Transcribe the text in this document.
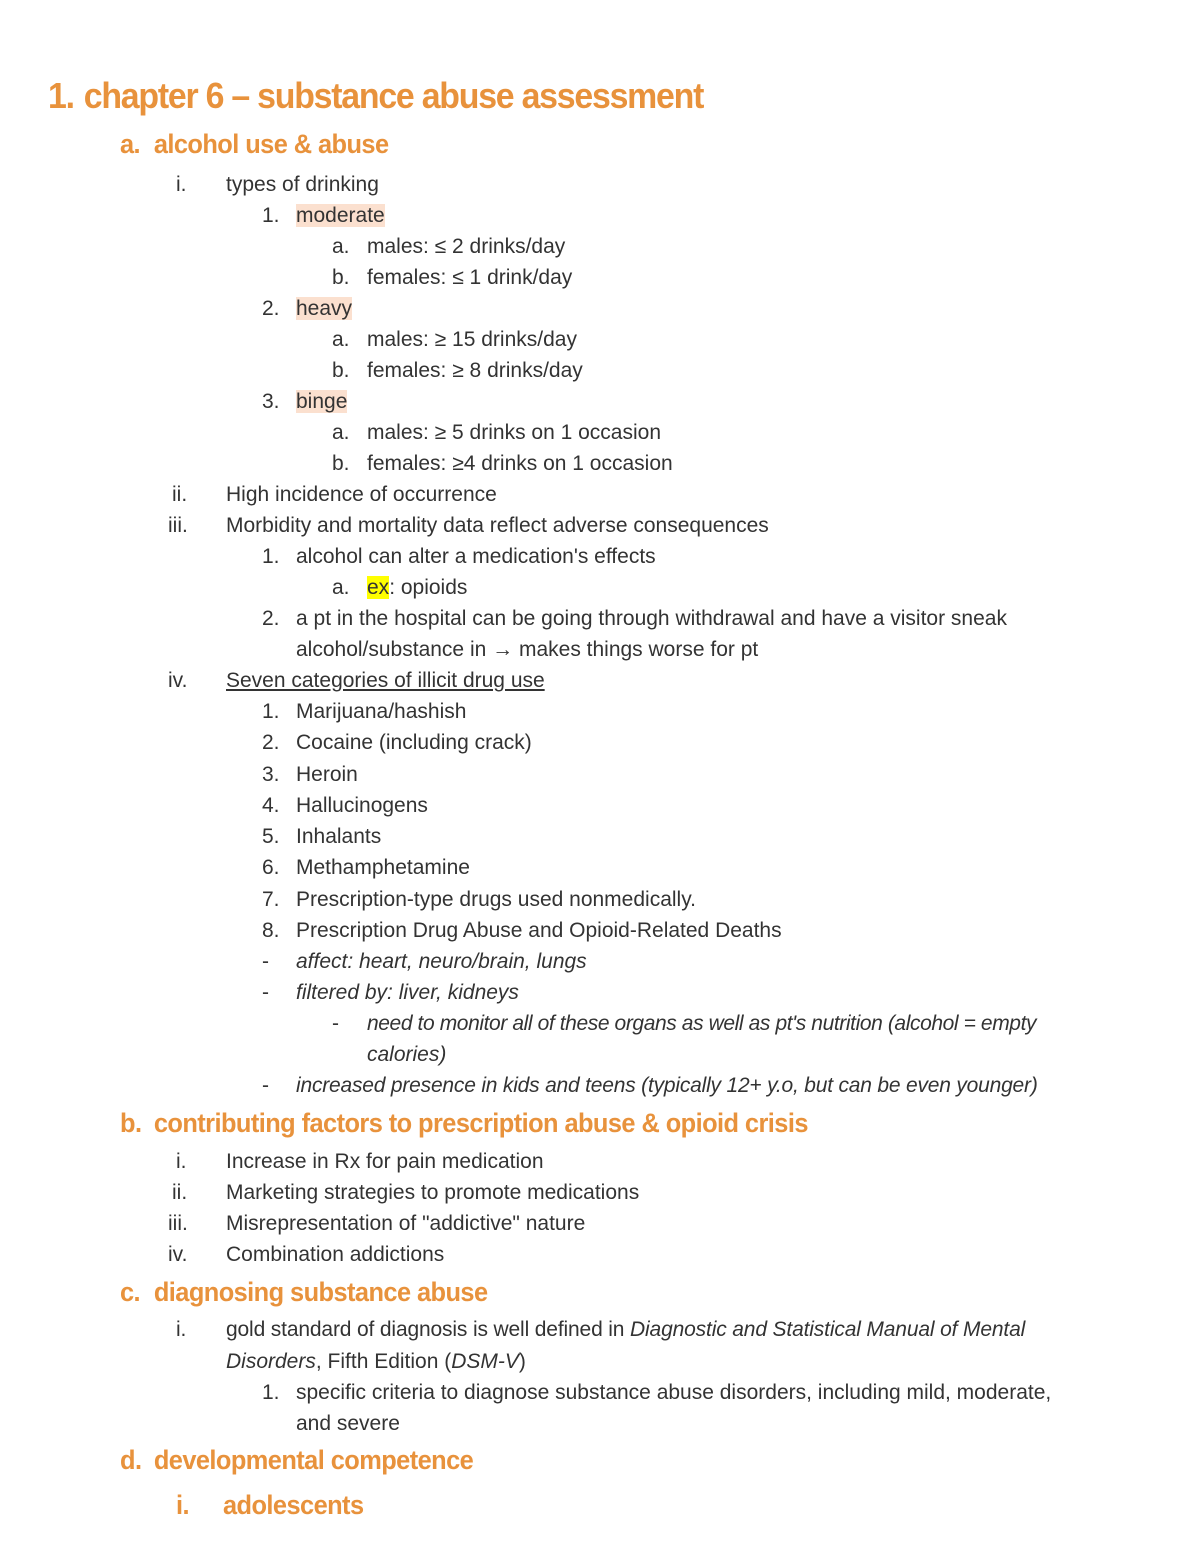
1. chapter 6 – substance abuse assessment
a. alcohol use & abuse
i. types of drinking
1. moderate
a. males: ≤ 2 drinks/day
b. females: ≤ 1 drink/day
2. heavy
a. males: ≥ 15 drinks/day
b. females: ≥ 8 drinks/day
3. binge
a. males: ≥ 5 drinks on 1 occasion
b. females: ≥4 drinks on 1 occasion
ii. High incidence of occurrence
iii. Morbidity and mortality data reflect adverse consequences
1. alcohol can alter a medication's effects
a. ex: opioids
2. a pt in the hospital can be going through withdrawal and have a visitor sneak
alcohol/substance in → makes things worse for pt
iv. Seven categories of illicit drug use
1. Marijuana/hashish
2. Cocaine (including crack)
3. Heroin
4. Hallucinogens
5. Inhalants
6. Methamphetamine
7. Prescription-type drugs used nonmedically.
8. Prescription Drug Abuse and Opioid-Related Deaths
- affect: heart, neuro/brain, lungs
- filtered by: liver, kidneys
- need to monitor all of these organs as well as pt's nutrition (alcohol = empty
calories)
- increased presence in kids and teens (typically 12+ y.o, but can be even younger)
b. contributing factors to prescription abuse & opioid crisis
i. Increase in Rx for pain medication
ii. Marketing strategies to promote medications
iii. Misrepresentation of "addictive" nature
iv. Combination addictions
c. diagnosing substance abuse
i. gold standard of diagnosis is well defined in Diagnostic and Statistical Manual of Mental
Disorders, Fifth Edition (DSM-V)
1. specific criteria to diagnose substance abuse disorders, including mild, moderate,
and severe
d. developmental competence
i. adolescents
